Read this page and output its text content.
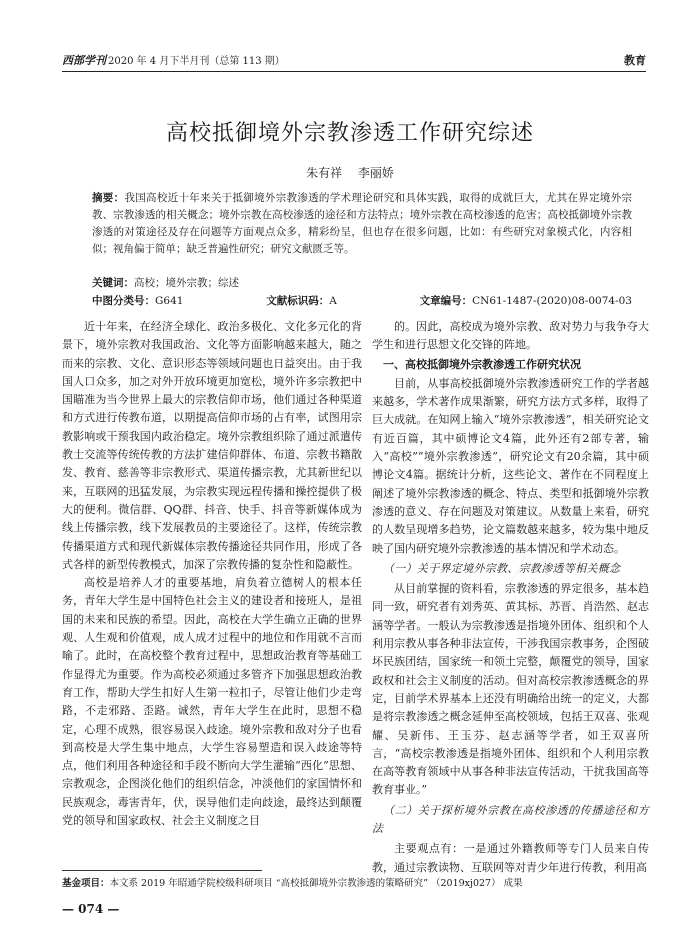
西部学刊 2020 年 4 月下半月刊（总第 113 期）	教育
高校抵御境外宗教渗透工作研究综述
朱有祥 李丽娇
摘要：我国高校近十年来关于抵御境外宗教渗透的学术理论研究和具体实践，取得的成就巨大，尤其在界定境外宗教、宗教渗透的相关概念；境外宗教在高校渗透的途径和方法特点；境外宗教在高校渗透的危害；高校抵御境外宗教渗透的对策途径及存在问题等方面观点众多，精彩纷呈，但也存在很多问题，比如：有些研究对象模式化，内容相似；视角偏于简单；缺乏普遍性研究；研究文献匮乏等。
关键词：高校；境外宗教；综述
中图分类号：G641	文献标识码：A	文章编号：CN61-1487-(2020)08-0074-03

近十年来，在经济全球化、政治多极化、文化多元化的背景下，境外宗教对我国政治、文化等方面影响越来越大，随之而来的宗教、文化、意识形态等领域问题也日益突出。由于我国人口众多，加之对外开放环境更加宽松，境外许多宗教把中国瞄准为当今世界上最大的宗教信仰市场，他们通过各种渠道和方式进行传教布道，以期提高信仰市场的占有率，试图用宗教影响或干预我国内政治稳定。境外宗教组织除了通过派遣传教士交流等传统传教的方法扩建信仰群体、布道、宗教书籍散发、教育、慈善等非宗教形式、渠道传播宗教，尤其新世纪以来，互联网的迅猛发展，为宗教实现远程传播和操控提供了极大的便利。微信群、QQ群、抖音、快手、抖音等新媒体成为线上传播宗教，线下发展教员的主要途径了。这样，传统宗教传播渠道方式和现代新媒体宗教传播途径共同作用，形成了各式各样的新型传教模式，加深了宗教传播的复杂性和隐蔽性。

高校是培养人才的重要基地，肩负着立德树人的根本任务，青年大学生是中国特色社会主义的建设者和接班人，是祖国的未来和民族的希望。因此，高校在大学生确立正确的世界观、人生观和价值观，成人成才过程中的地位和作用就不言而喻了。此时，在高校整个教育过程中，思想政治教育等基础工作显得尤为重要。作为高校必须通过多管齐下加强思想政治教育工作，帮助大学生扣好人生第一粒扣子，尽管让他们少走弯路，不走邪路、歪路。诚然，青年大学生在此时，思想不稳定，心理不成熟，很容易误入歧途。境外宗教和敌对分子也看到高校是大学生集中地点，大学生容易塑造和误入歧途等特点，他们利用各种途径和手段不断向大学生灌输“西化”思想、宗教观念，企图淡化他们的组织信念，冲淡他们的家国情怀和民族观念，毒害青年，伏，误导他们走向歧途，最终达到颠覆党的领导和国家政权、社会主义制度之目

的。因此，高校成为境外宗教、敌对势力与我争夺大学生和进行思想文化交锋的阵地。

一、高校抵御境外宗教渗透工作研究状况

目前，从事高校抵御境外宗教渗透研究工作的学者越来越多，学术著作成果渐繁，研究方法方式多样，取得了巨大成就。在知网上输入“境外宗教渗透”，相关研究论文有近百篇，其中硕博论文4篇，此外还有2部专著，输入“高校”“境外宗教渗透”，研究论文有20余篇，其中硕博论文4篇。据统计分析，这些论文、著作在不同程度上阐述了境外宗教渗透的概念、特点、类型和抵御境外宗教渗透的意义、存在问题及对策建议。从数量上来看，研究的人数呈现增多趋势，论文篇数越来越多，较为集中地反映了国内研究境外宗教渗透的基本情况和学术动态。

（一）关于界定境外宗教、宗教渗透等相关概念

从目前掌握的资料看，宗教渗透的界定很多，基本趋同一致，研究者有刘秀英、黄其标、苏晋、肖浩然、赵志涵等学者。一般认为宗教渗透是指境外团体、组织和个人利用宗教从事各种非法宣传，干涉我国宗教事务，企图破坏民族团结，国家统一和领土完整，颠覆党的领导，国家政权和社会主义制度的活动。但对高校宗教渗透概念的界定，目前学术界基本上还没有明确给出统一的定义，大都是将宗教渗透之概念延伸至高校领域，包括王双喜、张观耀、吴新伟、王玉芬、赵志涵等学者，如王双喜所言，“高校宗教渗透是指境外团体、组织和个人利用宗教在高等教育领域中从事各种非法宣传活动，干扰我国高等教育事业。”

（二）关于探析境外宗教在高校渗透的传播途径和方法

主要观点有：一是通过外籍教师等专门人员来自传教，通过宗教读物、互联网等对青少年进行传教，利用高

基金项目：本文系 2019 年昭通学院校级科研项目 “高校抵御境外宗教渗透的策略研究” （2019xj027） 成果
— 074 —
